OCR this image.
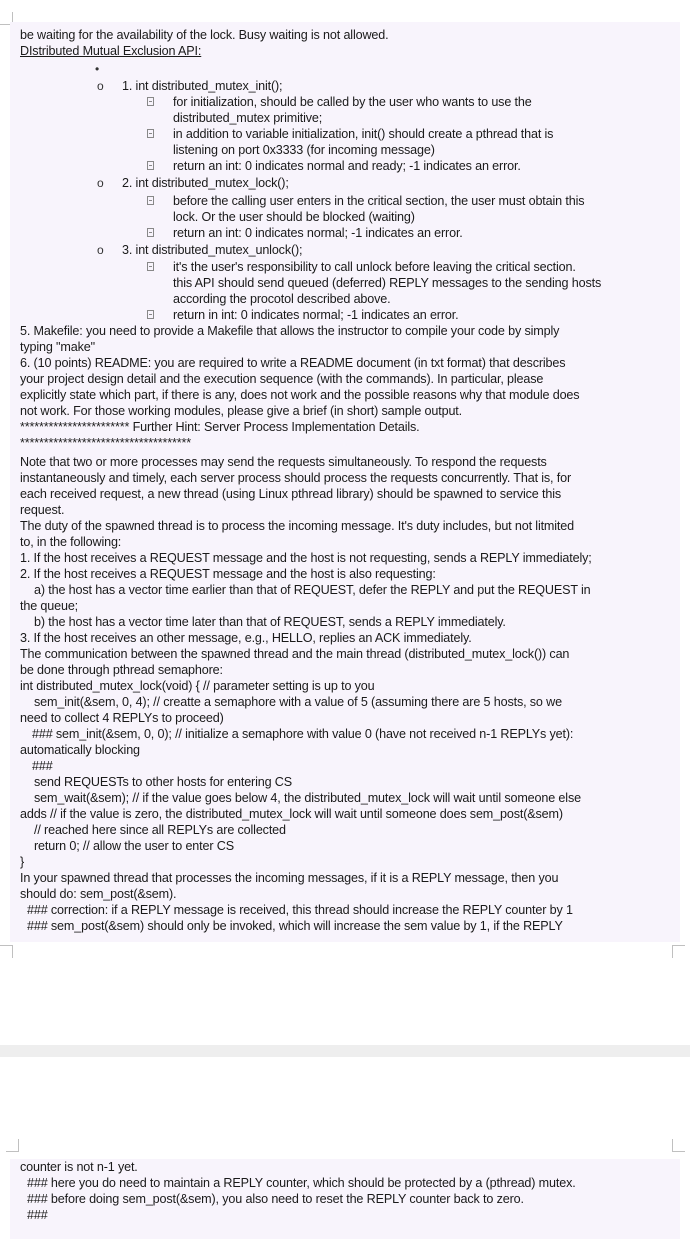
be waiting for the availability of the lock. Busy waiting is not allowed.
DIstributed Mutual Exclusion API:
•
o 1. int distributed_mutex_init();
for initialization, should be called by the user who wants to use the
distributed_mutex primitive;
in addition to variable initialization, init() should create a pthread that is
listening on port 0x3333 (for incoming message)
return an int: 0 indicates normal and ready; -1 indicates an error.
o 2. int distributed_mutex_lock();
before the calling user enters in the critical section, the user must obtain this
lock. Or the user should be blocked (waiting)
return an int: 0 indicates normal; -1 indicates an error.
o 3. int distributed_mutex_unlock();
it's the user's responsibility to call unlock before leaving the critical section.
this API should send queued (deferred) REPLY messages to the sending hosts
according the procotol described above.
return in int: 0 indicates normal; -1 indicates an error.
5. Makefile: you need to provide a Makefile that allows the instructor to compile your code by simply
typing "make"
6. (10 points) README: you are required to write a README document (in txt format) that describes
your project design detail and the execution sequence (with the commands). In particular, please
explicitly state which part, if there is any, does not work and the possible reasons why that module does
not work. For those working modules, please give a brief (in short) sample output.
*********************** Further Hint: Server Process Implementation Details.
************************************
Note that two or more processes may send the requests simultaneously. To respond the requests
instantaneously and timely, each server process should process the requests concurrently. That is, for
each received request, a new thread (using Linux pthread library) should be spawned to service this
request.
The duty of the spawned thread is to process the incoming message. It's duty includes, but not litmited
to, in the following:
1. If the host receives a REQUEST message and the host is not requesting, sends a REPLY immediately;
2. If the host receives a REQUEST message and the host is also requesting:
a) the host has a vector time earlier than that of REQUEST, defer the REPLY and put the REQUEST in
the queue;
b) the host has a vector time later than that of REQUEST, sends a REPLY immediately.
3. If the host receives an other message, e.g., HELLO, replies an ACK immediately.
The communication between the spawned thread and the main thread (distributed_mutex_lock()) can
be done through pthread semaphore:
int distributed_mutex_lock(void) { // parameter setting is up to you
sem_init(&sem, 0, 4); // creatte a semaphore with a value of 5 (assuming there are 5 hosts, so we
need to collect 4 REPLYs to proceed)
### sem_init(&sem, 0, 0); // initialize a semaphore with value 0 (have not received n-1 REPLYs yet):
automatically blocking
###
send REQUESTs to other hosts for entering CS
sem_wait(&sem); // if the value goes below 4, the distributed_mutex_lock will wait until someone else
adds // if the value is zero, the distributed_mutex_lock will wait until someone does sem_post(&sem)
// reached here since all REPLYs are collected
return 0; // allow the user to enter CS
}
In your spawned thread that processes the incoming messages, if it is a REPLY message, then you
should do: sem_post(&sem).
### correction: if a REPLY message is received, this thread should increase the REPLY counter by 1
### sem_post(&sem) should only be invoked, which will increase the sem value by 1, if the REPLY
counter is not n-1 yet.
### here you do need to maintain a REPLY counter, which should be protected by a (pthread) mutex.
### before doing sem_post(&sem), you also need to reset the REPLY counter back to zero.
###
